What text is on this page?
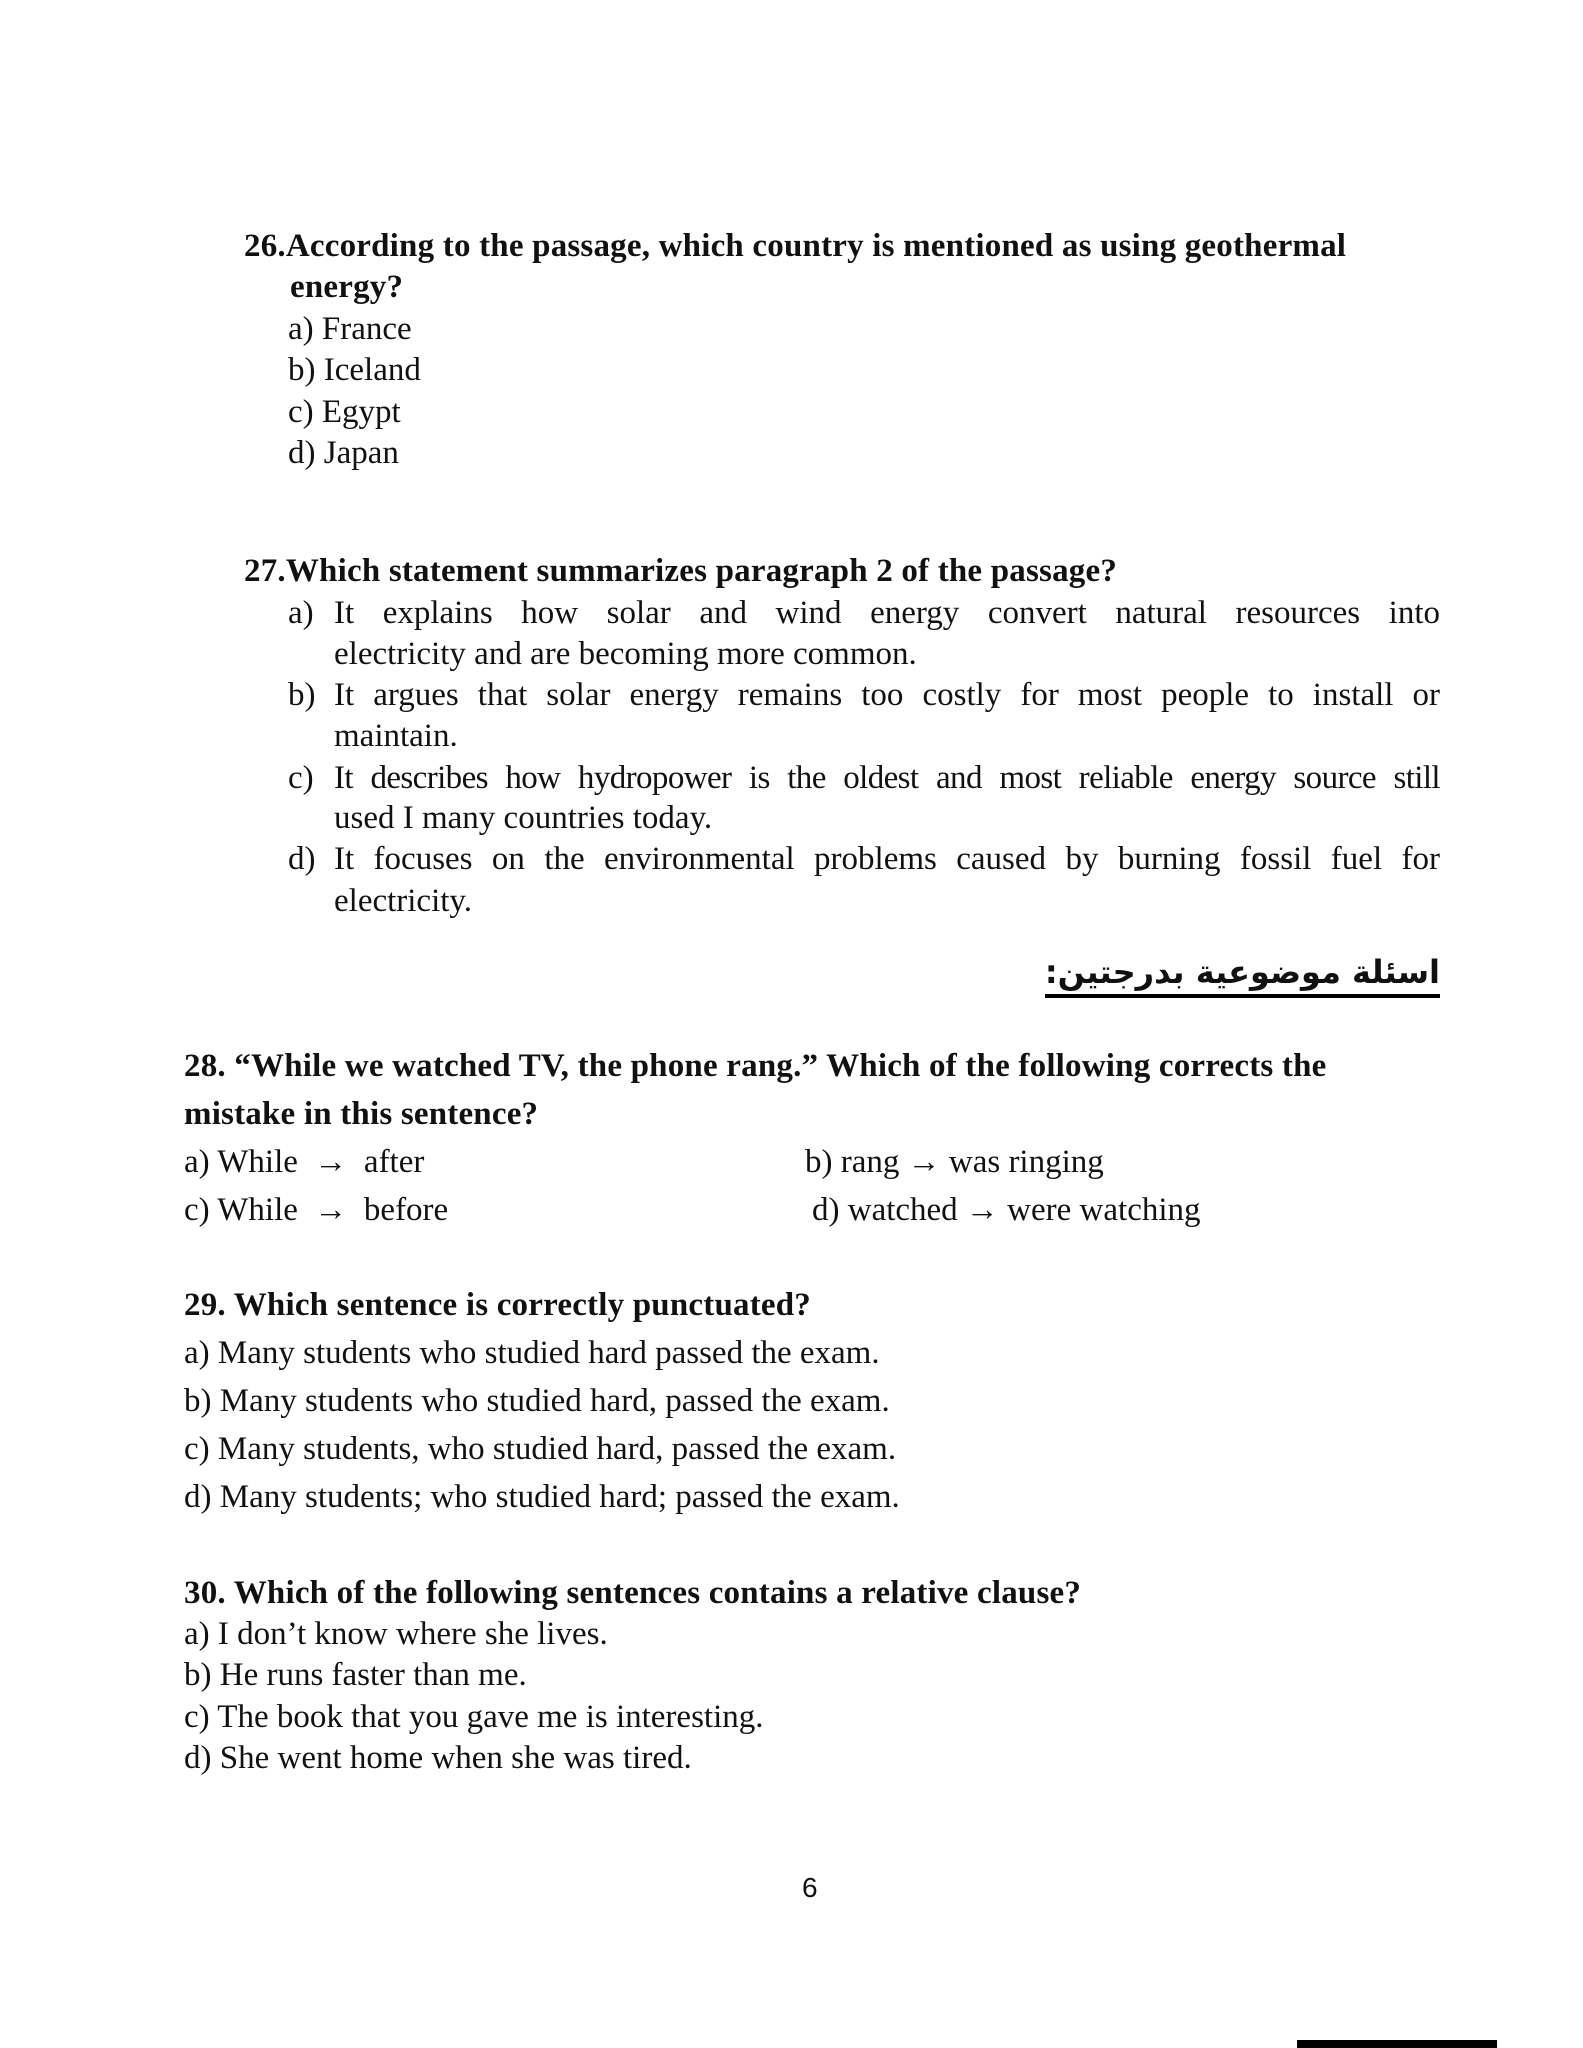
26.According to the passage, which country is mentioned as using geothermal
energy?
a) France
b) Iceland
c) Egypt
d) Japan
27.Which statement summarizes paragraph 2 of the passage?
a) It explains how solar and wind energy convert natural resources into
electricity and are becoming more common.
b) It argues that solar energy remains too costly for most people to install or
maintain.
c) It describes how hydropower is the oldest and most reliable energy source still
used I many countries today.
d) It focuses on the environmental problems caused by burning fossil fuel for
electricity.
اسئلة موضوعية بدرجتين:
28. “While we watched TV, the phone rang.” Which of the following corrects the
mistake in this sentence?
a) While  →  after	b) rang → was ringing
c) While  →  before	d) watched → were watching
29. Which sentence is correctly punctuated?
a) Many students who studied hard passed the exam.
b) Many students who studied hard, passed the exam.
c) Many students, who studied hard, passed the exam.
d) Many students; who studied hard; passed the exam.
30. Which of the following sentences contains a relative clause?
a) I don’t know where she lives.
b) He runs faster than me.
c) The book that you gave me is interesting.
d) She went home when she was tired.
6
